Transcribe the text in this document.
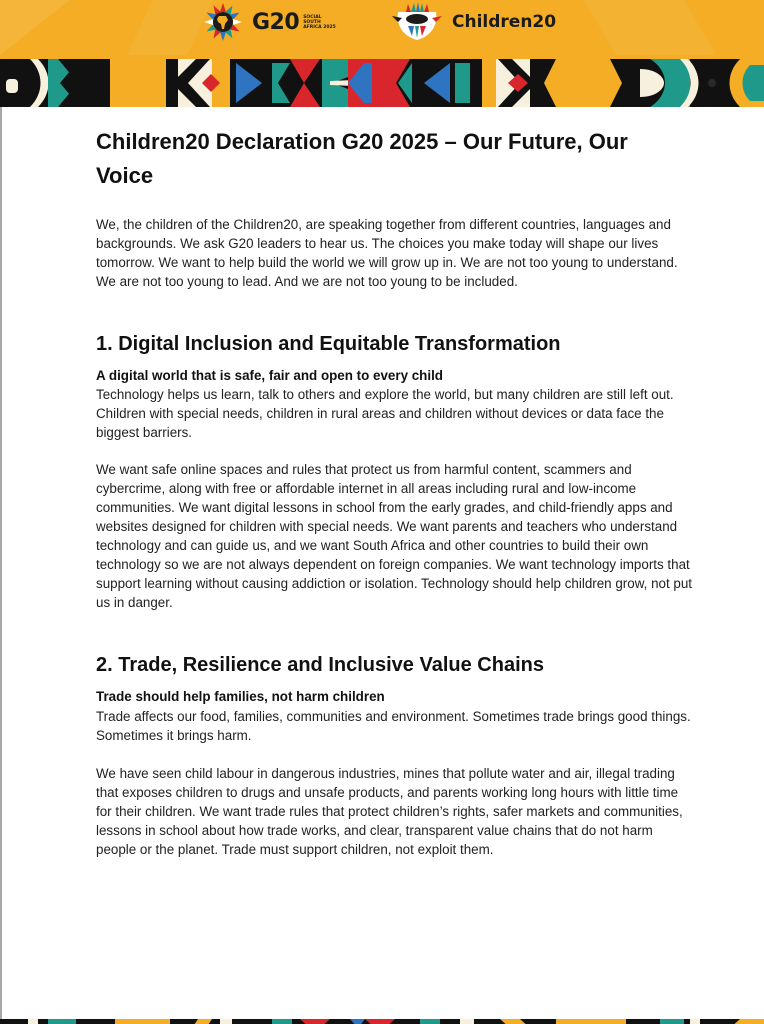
G20 SOCIAL
SOUTH
AFRICA 2025	Children20
Children20 Declaration G20 2025 – Our Future, Our Voice

We, the children of the Children20, are speaking together from different countries, languages and backgrounds. We ask G20 leaders to hear us. The choices you make today will shape our lives tomorrow. We want to help build the world we will grow up in. We are not too young to understand. We are not too young to lead. And we are not too young to be included.

1. Digital Inclusion and Equitable Transformation
A digital world that is safe, fair and open to every child

Technology helps us learn, talk to others and explore the world, but many children are still left out. Children with special needs, children in rural areas and children without devices or data face the biggest barriers.

We want safe online spaces and rules that protect us from harmful content, scammers and cybercrime, along with free or affordable internet in all areas including rural and low-income communities. We want digital lessons in school from the early grades, and child-friendly apps and websites designed for children with special needs. We want parents and teachers who understand technology and can guide us, and we want South Africa and other countries to build their own technology so we are not always dependent on foreign companies. We want technology imports that support learning without causing addiction or isolation. Technology should help children grow, not put us in danger.

2. Trade, Resilience and Inclusive Value Chains
Trade should help families, not harm children

Trade affects our food, families, communities and environment. Sometimes trade brings good things. Sometimes it brings harm.

We have seen child labour in dangerous industries, mines that pollute water and air, illegal trading that exposes children to drugs and unsafe products, and parents working long hours with little time for their children. We want trade rules that protect children’s rights, safer markets and communities, lessons in school about how trade works, and clear, transparent value chains that do not harm people or the planet. Trade must support children, not exploit them.
